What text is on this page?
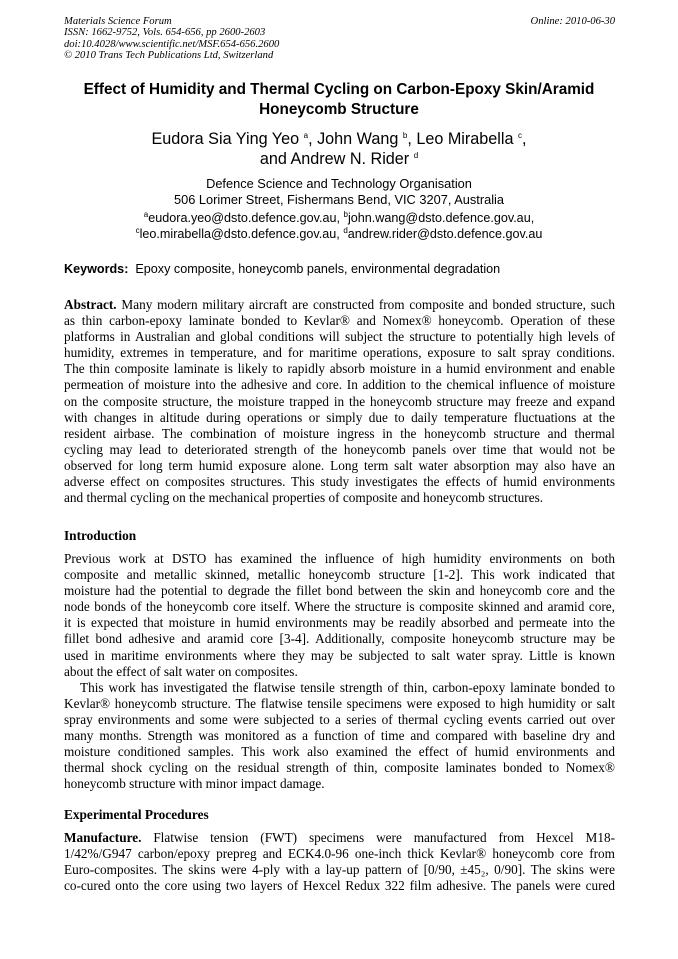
Materials Science Forum
ISSN: 1662-9752, Vols. 654-656, pp 2600-2603
doi:10.4028/www.scientific.net/MSF.654-656.2600
© 2010 Trans Tech Publications Ltd, Switzerland
Online: 2010-06-30
Effect of Humidity and Thermal Cycling on Carbon-Epoxy Skin/Aramid
Honeycomb Structure
Eudora Sia Ying Yeo $^a$, John Wang $^b$, Leo Mirabella $^c$,
and Andrew N. Rider $^d$
Defence Science and Technology Organisation
506 Lorimer Street, Fishermans Bend, VIC 3207, Australia
$^a$eudora.yeo@dsto.defence.gov.au, $^b$john.wang@dsto.defence.gov.au,
$^c$leo.mirabella@dsto.defence.gov.au, $^d$andrew.rider@dsto.defence.gov.au
Keywords: Epoxy composite, honeycomb panels, environmental degradation
Abstract. Many modern military aircraft are constructed from composite and bonded structure, such
as thin carbon-epoxy laminate bonded to Kevlar® and Nomex® honeycomb. Operation of these
platforms in Australian and global conditions will subject the structure to potentially high levels of
humidity, extremes in temperature, and for maritime operations, exposure to salt spray conditions.
The thin composite laminate is likely to rapidly absorb moisture in a humid environment and enable
permeation of moisture into the adhesive and core. In addition to the chemical influence of moisture
on the composite structure, the moisture trapped in the honeycomb structure may freeze and expand
with changes in altitude during operations or simply due to daily temperature fluctuations at the
resident airbase. The combination of moisture ingress in the honeycomb structure and thermal
cycling may lead to deteriorated strength of the honeycomb panels over time that would not be
observed for long term humid exposure alone. Long term salt water absorption may also have an
adverse effect on composites structures. This study investigates the effects of humid environments
and thermal cycling on the mechanical properties of composite and honeycomb structures.
Introduction
Previous work at DSTO has examined the influence of high humidity environments on both
composite and metallic skinned, metallic honeycomb structure [1-2]. This work indicated that
moisture had the potential to degrade the fillet bond between the skin and honeycomb core and the
node bonds of the honeycomb core itself. Where the structure is composite skinned and aramid core,
it is expected that moisture in humid environments may be readily absorbed and permeate into the
fillet bond adhesive and aramid core [3-4]. Additionally, composite honeycomb structure may be
used in maritime environments where they may be subjected to salt water spray. Little is known
about the effect of salt water on composites.
This work has investigated the flatwise tensile strength of thin, carbon-epoxy laminate bonded to
Kevlar® honeycomb structure. The flatwise tensile specimens were exposed to high humidity or salt
spray environments and some were subjected to a series of thermal cycling events carried out over
many months. Strength was monitored as a function of time and compared with baseline dry and
moisture conditioned samples. This work also examined the effect of humid environments and
thermal shock cycling on the residual strength of thin, composite laminates bonded to Nomex®
honeycomb structure with minor impact damage.
Experimental Procedures
Manufacture. Flatwise tension (FWT) specimens were manufactured from Hexcel M18-
1/42%/G947 carbon/epoxy prepreg and ECK4.0-96 one-inch thick Kevlar® honeycomb core from
Euro-composites. The skins were 4-ply with a lay-up pattern of [0/90, ±45₂, 0/90]. The skins were
co-cured onto the core using two layers of Hexcel Redux 322 film adhesive. The panels were cured
